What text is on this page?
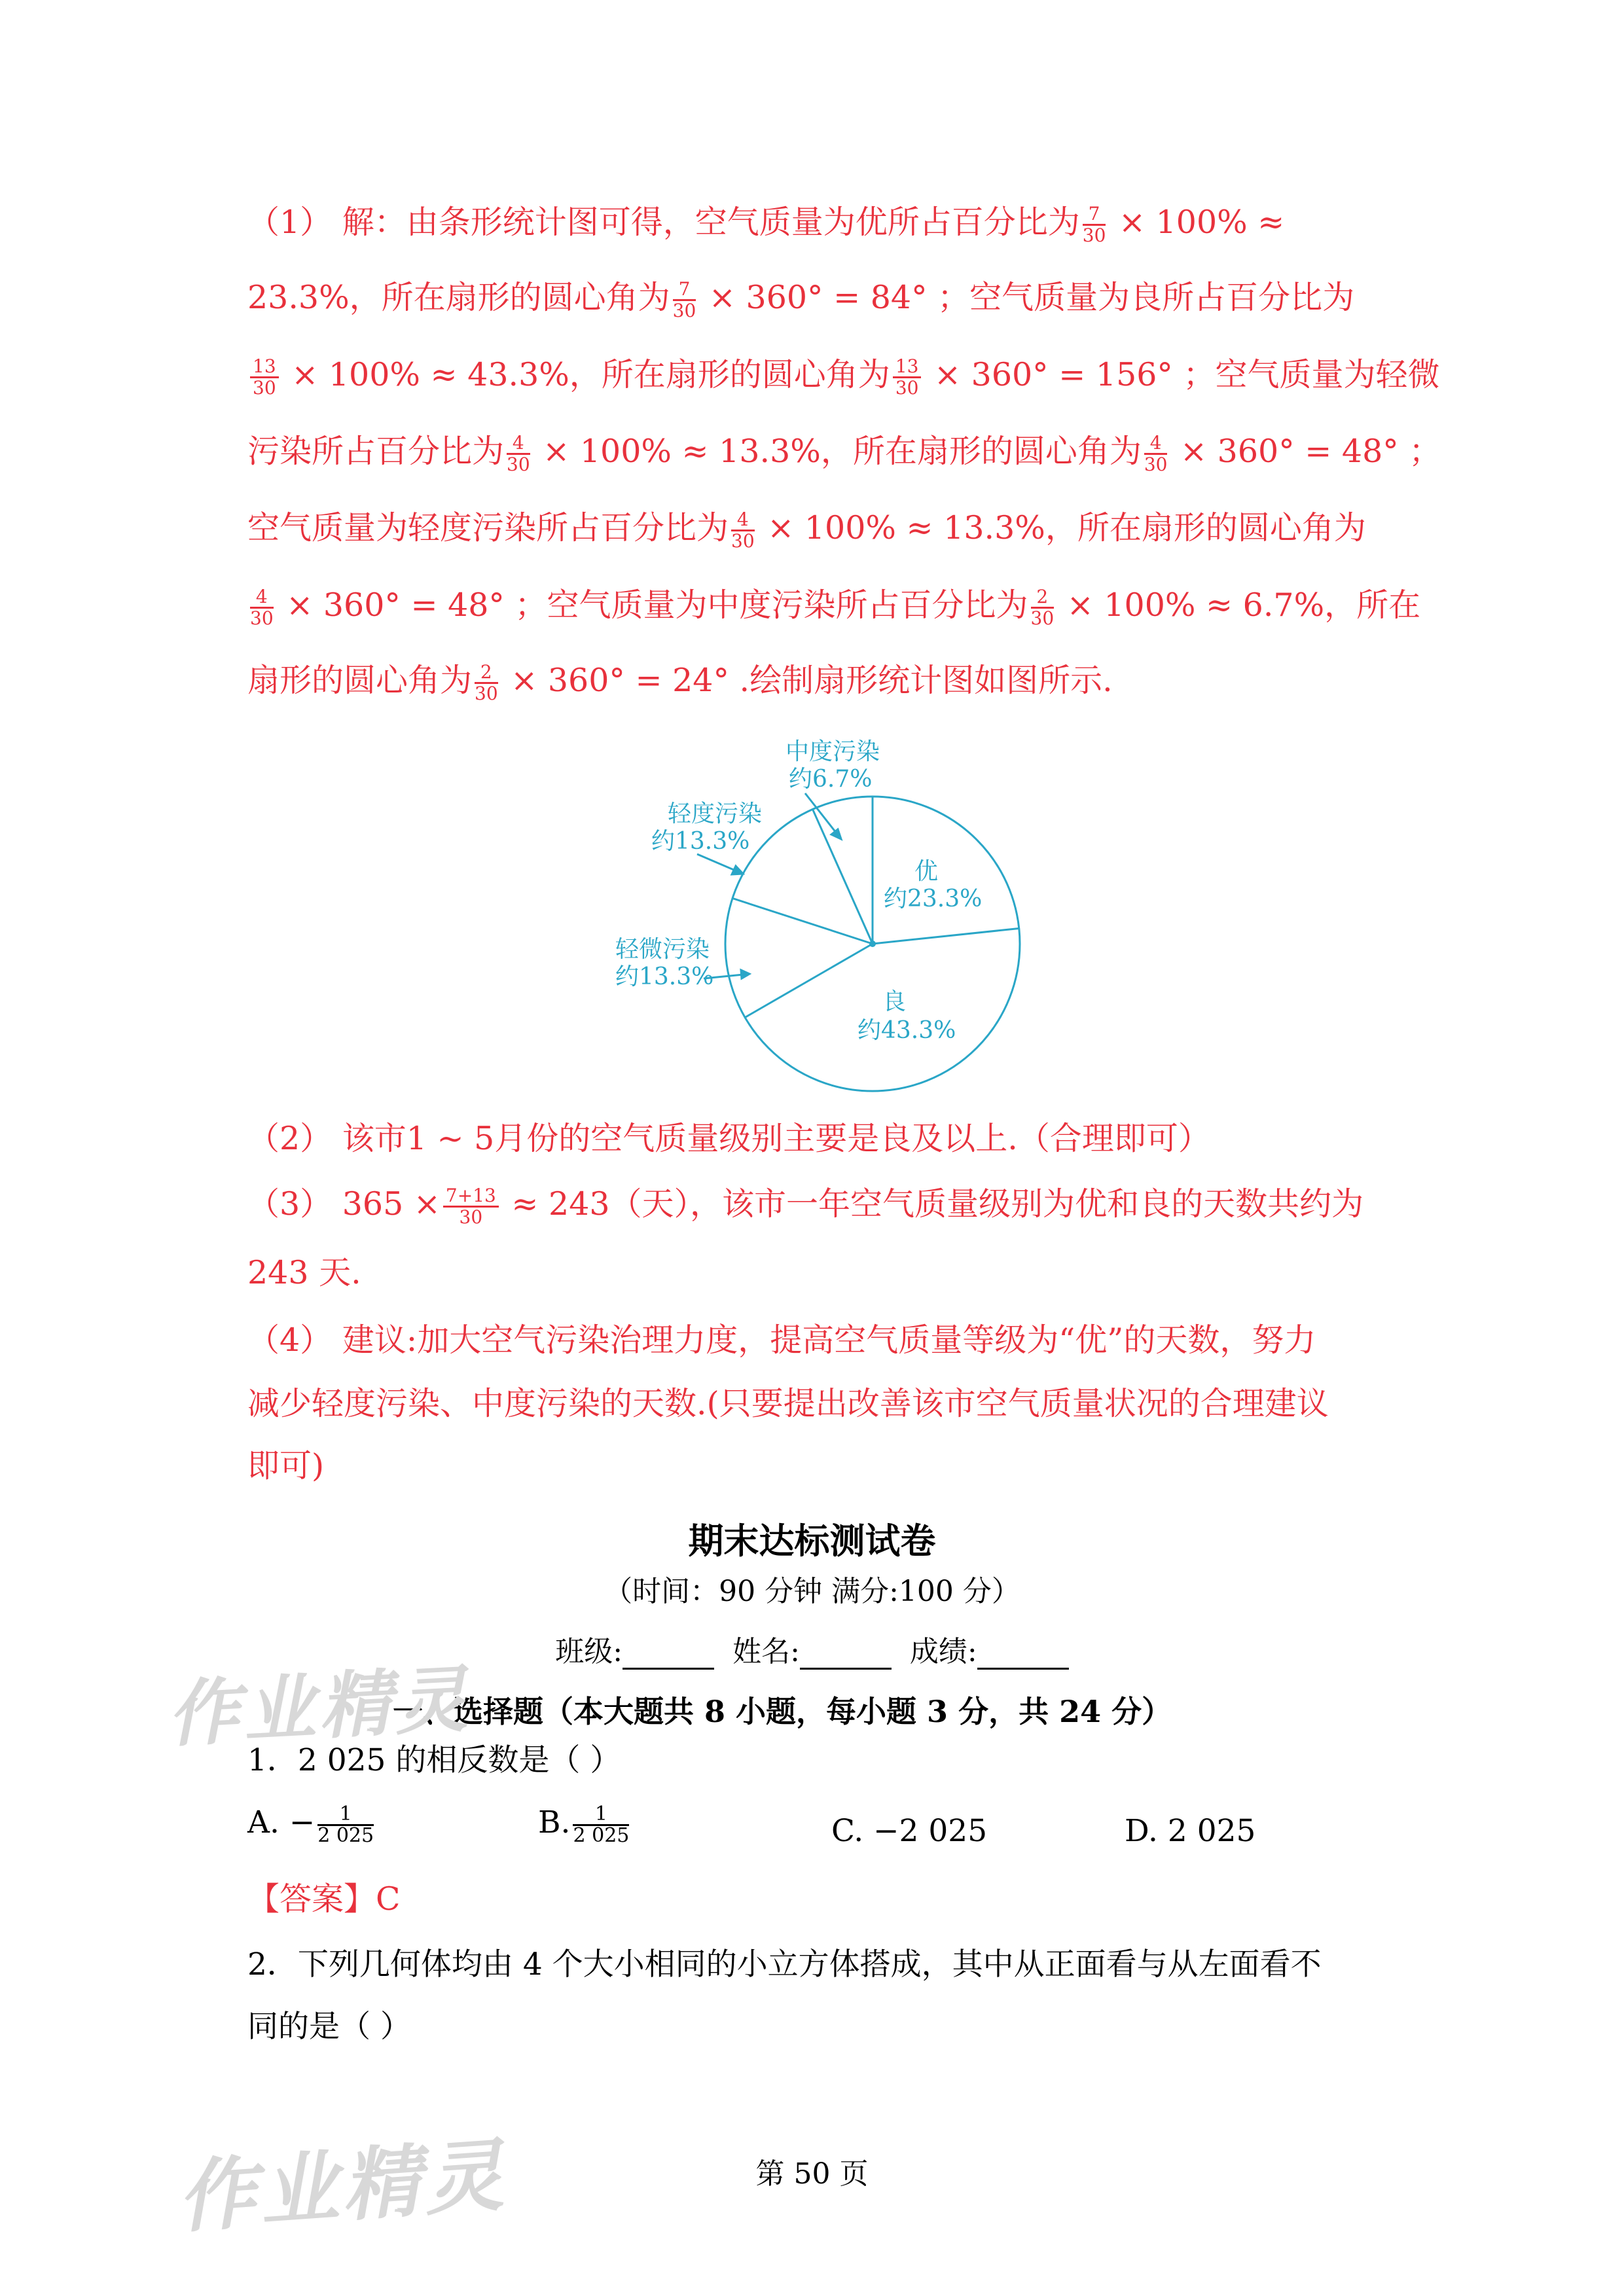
（1） 解：由条形统计图可得，空气质量为优所占百分比为 $\frac{7}{30} \times 100\%$ ≈
23.3%，所在扇形的圆心角为 $\frac{7}{30} \times 360^\circ = 84^\circ$ ；空气质量为良所占百分比为
$\frac{13}{30} \times 100\% \approx 43.3\%$，所在扇形的圆心角为 $\frac{13}{30} \times 360^\circ = 156^\circ$ ；空气质量为轻微
污染所占百分比为 $\frac{4}{30} \times 100\% \approx 13.3\%$，所在扇形的圆心角为 $\frac{4}{30} \times 360^\circ = 48^\circ$ ；
空气质量为轻度污染所占百分比为 $\frac{4}{30} \times 100\% \approx 13.3\%$，所在扇形的圆心角为
$\frac{4}{30} \times 360^\circ = 48^\circ$ ；空气质量为中度污染所占百分比为 $\frac{2}{30} \times 100\% \approx 6.7\%$，所在
扇形的圆心角为 $\frac{2}{30} \times 360^\circ = 24^\circ$ .绘制扇形统计图如图所示.
中度污染
约6.7%
轻度污染
约13.3%
优
约23.3%
轻微污染
约13.3%
良
约43.3%
（2） 该市1 ~ 5月份的空气质量级别主要是良及以上.（合理即可）
（3） $365 \times \frac{7+13}{30} \approx 243$（天），该市一年空气质量级别为优和良的天数共约为
243 天.
（4） 建议:加大空气污染治理力度，提高空气质量等级为“优”的天数，努力
减少轻度污染、中度污染的天数.(只要提出改善该市空气质量状况的合理建议
即可)
期末达标测试卷
（时间：90 分钟 满分:100 分）
班级:	姓名:	成绩:
一、选择题（本大题共 8 小题，每小题 3 分，共 24 分）
1．2 025 的相反数是（ ）
A. − $\frac{1}{2 025}$	B. $\frac{1}{2 025}$	C. −2 025	D. 2 025
【答案】C
2．下列几何体均由 4 个大小相同的小立方体搭成，其中从正面看与从左面看不
同的是（ ）
第 50 页
作业精灵
作业精灵
